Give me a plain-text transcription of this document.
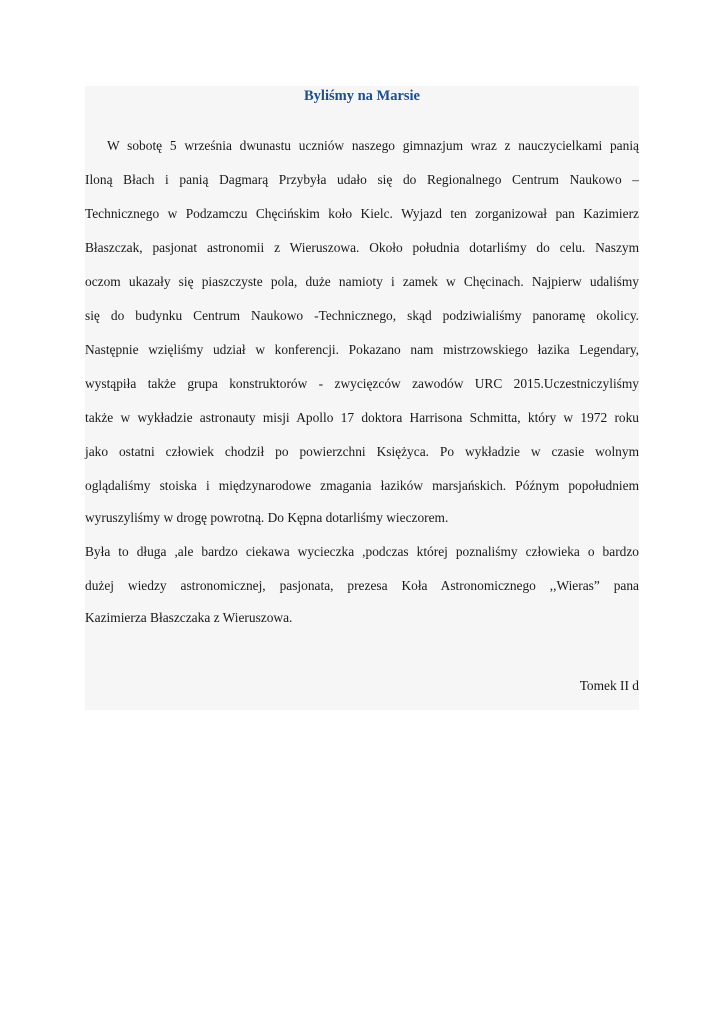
Byliśmy na Marsie
W sobotę 5 września dwunastu uczniów naszego gimnazjum wraz z nauczycielkami panią
Iloną Błach i panią Dagmarą Przybyła udało się do Regionalnego Centrum Naukowo –
Technicznego w Podzamczu Chęcińskim koło Kielc. Wyjazd ten zorganizował pan Kazimierz
Błaszczak, pasjonat astronomii z Wieruszowa. Około południa dotarliśmy do celu. Naszym
oczom ukazały się piaszczyste pola, duże namioty i zamek w Chęcinach. Najpierw udaliśmy
się do budynku Centrum Naukowo -Technicznego, skąd podziwialiśmy panoramę okolicy.
Następnie wzięliśmy udział w konferencji. Pokazano nam mistrzowskiego łazika Legendary,
wystąpiła także grupa konstruktorów - zwycięzców zawodów URC 2015.Uczestniczyliśmy
także w wykładzie astronauty misji Apollo 17 doktora Harrisona Schmitta, który w 1972 roku
jako ostatni człowiek chodził po powierzchni Księżyca. Po wykładzie w czasie wolnym
oglądaliśmy stoiska i międzynarodowe zmagania łazików marsjańskich. Późnym popołudniem
wyruszyliśmy w drogę powrotną. Do Kępna dotarliśmy wieczorem.
Była to długa ,ale bardzo ciekawa wycieczka ,podczas której poznaliśmy człowieka o bardzo
dużej wiedzy astronomicznej, pasjonata, prezesa Koła Astronomicznego ,,Wieras” pana
Kazimierza Błaszczaka z Wieruszowa.
Tomek II d
